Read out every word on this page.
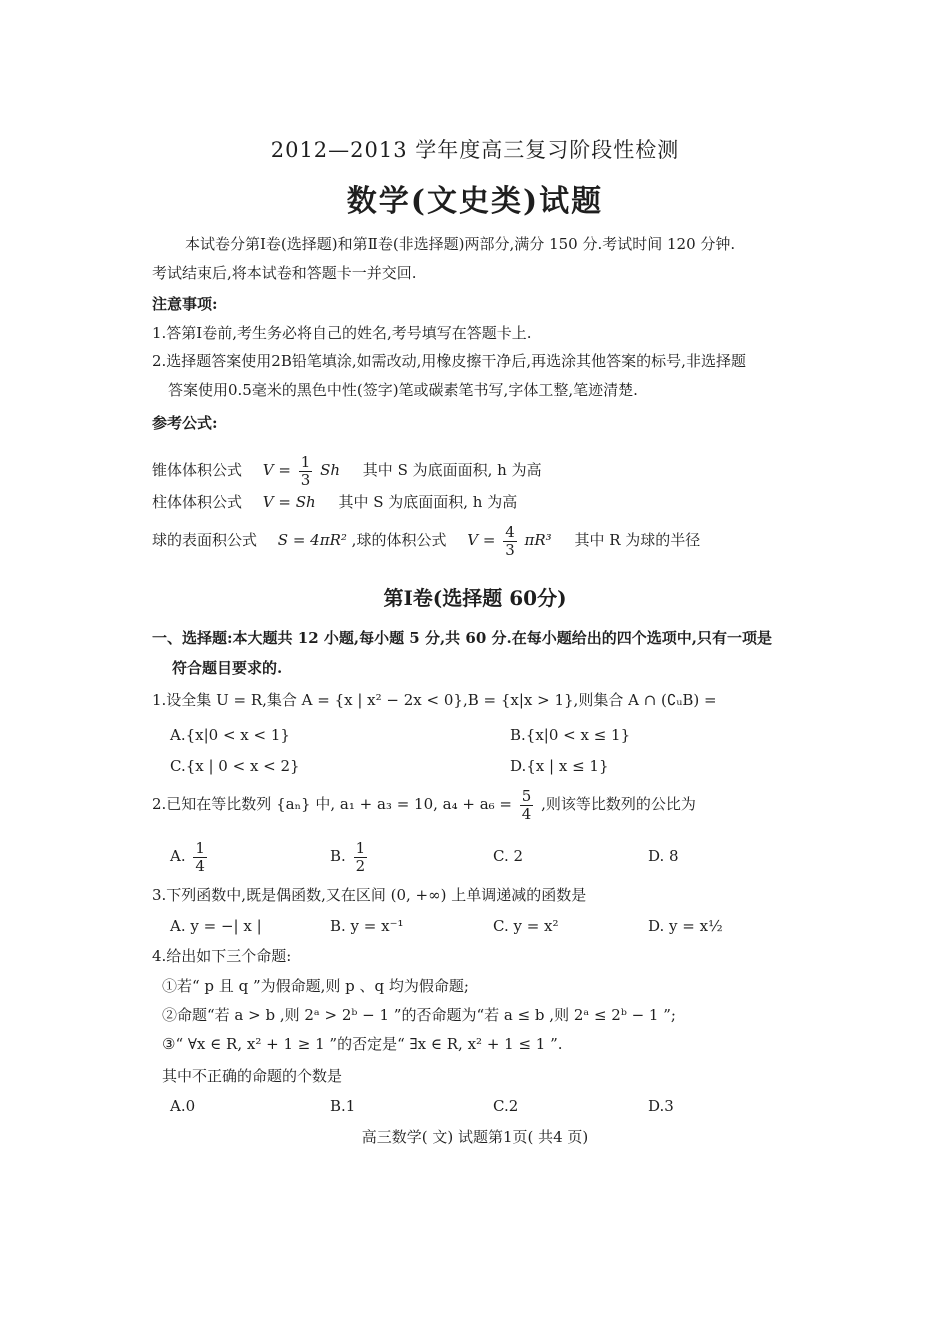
2012—2013 学年度高三复习阶段性检测
数学(文史类)试题
本试卷分第Ⅰ卷(选择题)和第Ⅱ卷(非选择题)两部分,满分 150 分.考试时间 120 分钟.
考试结束后,将本试卷和答题卡一并交回.
注意事项:
1.答第Ⅰ卷前,考生务必将自己的姓名,考号填写在答题卡上.
2.选择题答案使用2B铅笔填涂,如需改动,用橡皮擦干净后,再选涂其他答案的标号,非选择题
答案使用0.5毫米的黑色中性(签字)笔或碳素笔书写,字体工整,笔迹清楚.
参考公式:
锥体体积公式 $V = \frac{1}{3}$ Sh 其中 S 为底面面积, h 为高
柱体体积公式 V = Sh 其中 S 为底面面积, h 为高
球的表面积公式 S = 4πR² ,球的体积公式 $V = \frac{4}{3} \pi R^3$ 其中 R 为球的半径
第Ⅰ卷(选择题 60分)
一、选择题:本大题共 12 小题,每小题 5 分,共 60 分.在每小题给出的四个选项中,只有一项是
符合题目要求的.
1.设全集 U = R,集合 A = {x | x² − 2x < 0},B = {x|x > 1},则集合 A ∩ (∁ᵤB) =
A.{x|0 < x < 1}	B.{x|0 < x ≤ 1}
C.{x | 0 < x < 2}	D.{x | x ≤ 1}
2.已知在等比数列 {aₙ} 中, a₁ + a₃ = 10, $a_4 + a_6 = \frac{5}{4}$ ,则该等比数列的公比为
A. $\frac{1}{4}$	B. $\frac{1}{2}$	C. 2	D. 8
3.下列函数中,既是偶函数,又在区间 (0, +∞) 上单调递减的函数是
A. y = −| x |	B. y = x⁻¹	C. y = x²	D. y = x½
4.给出如下三个命题:
①若“ p 且 q ”为假命题,则 p 、q 均为假命题;
②命题“若 a > b ,则 2ᵃ > 2ᵇ − 1 ”的否命题为“若 a ≤ b ,则 2ᵃ ≤ 2ᵇ − 1 ”;
③“ ∀x ∈ R, x² + 1 ≥ 1 ”的否定是“ ∃x ∈ R, x² + 1 ≤ 1 ”.
其中不正确的命题的个数是
A.0	B.1	C.2	D.3
高三数学( 文) 试题第1页( 共4 页)
